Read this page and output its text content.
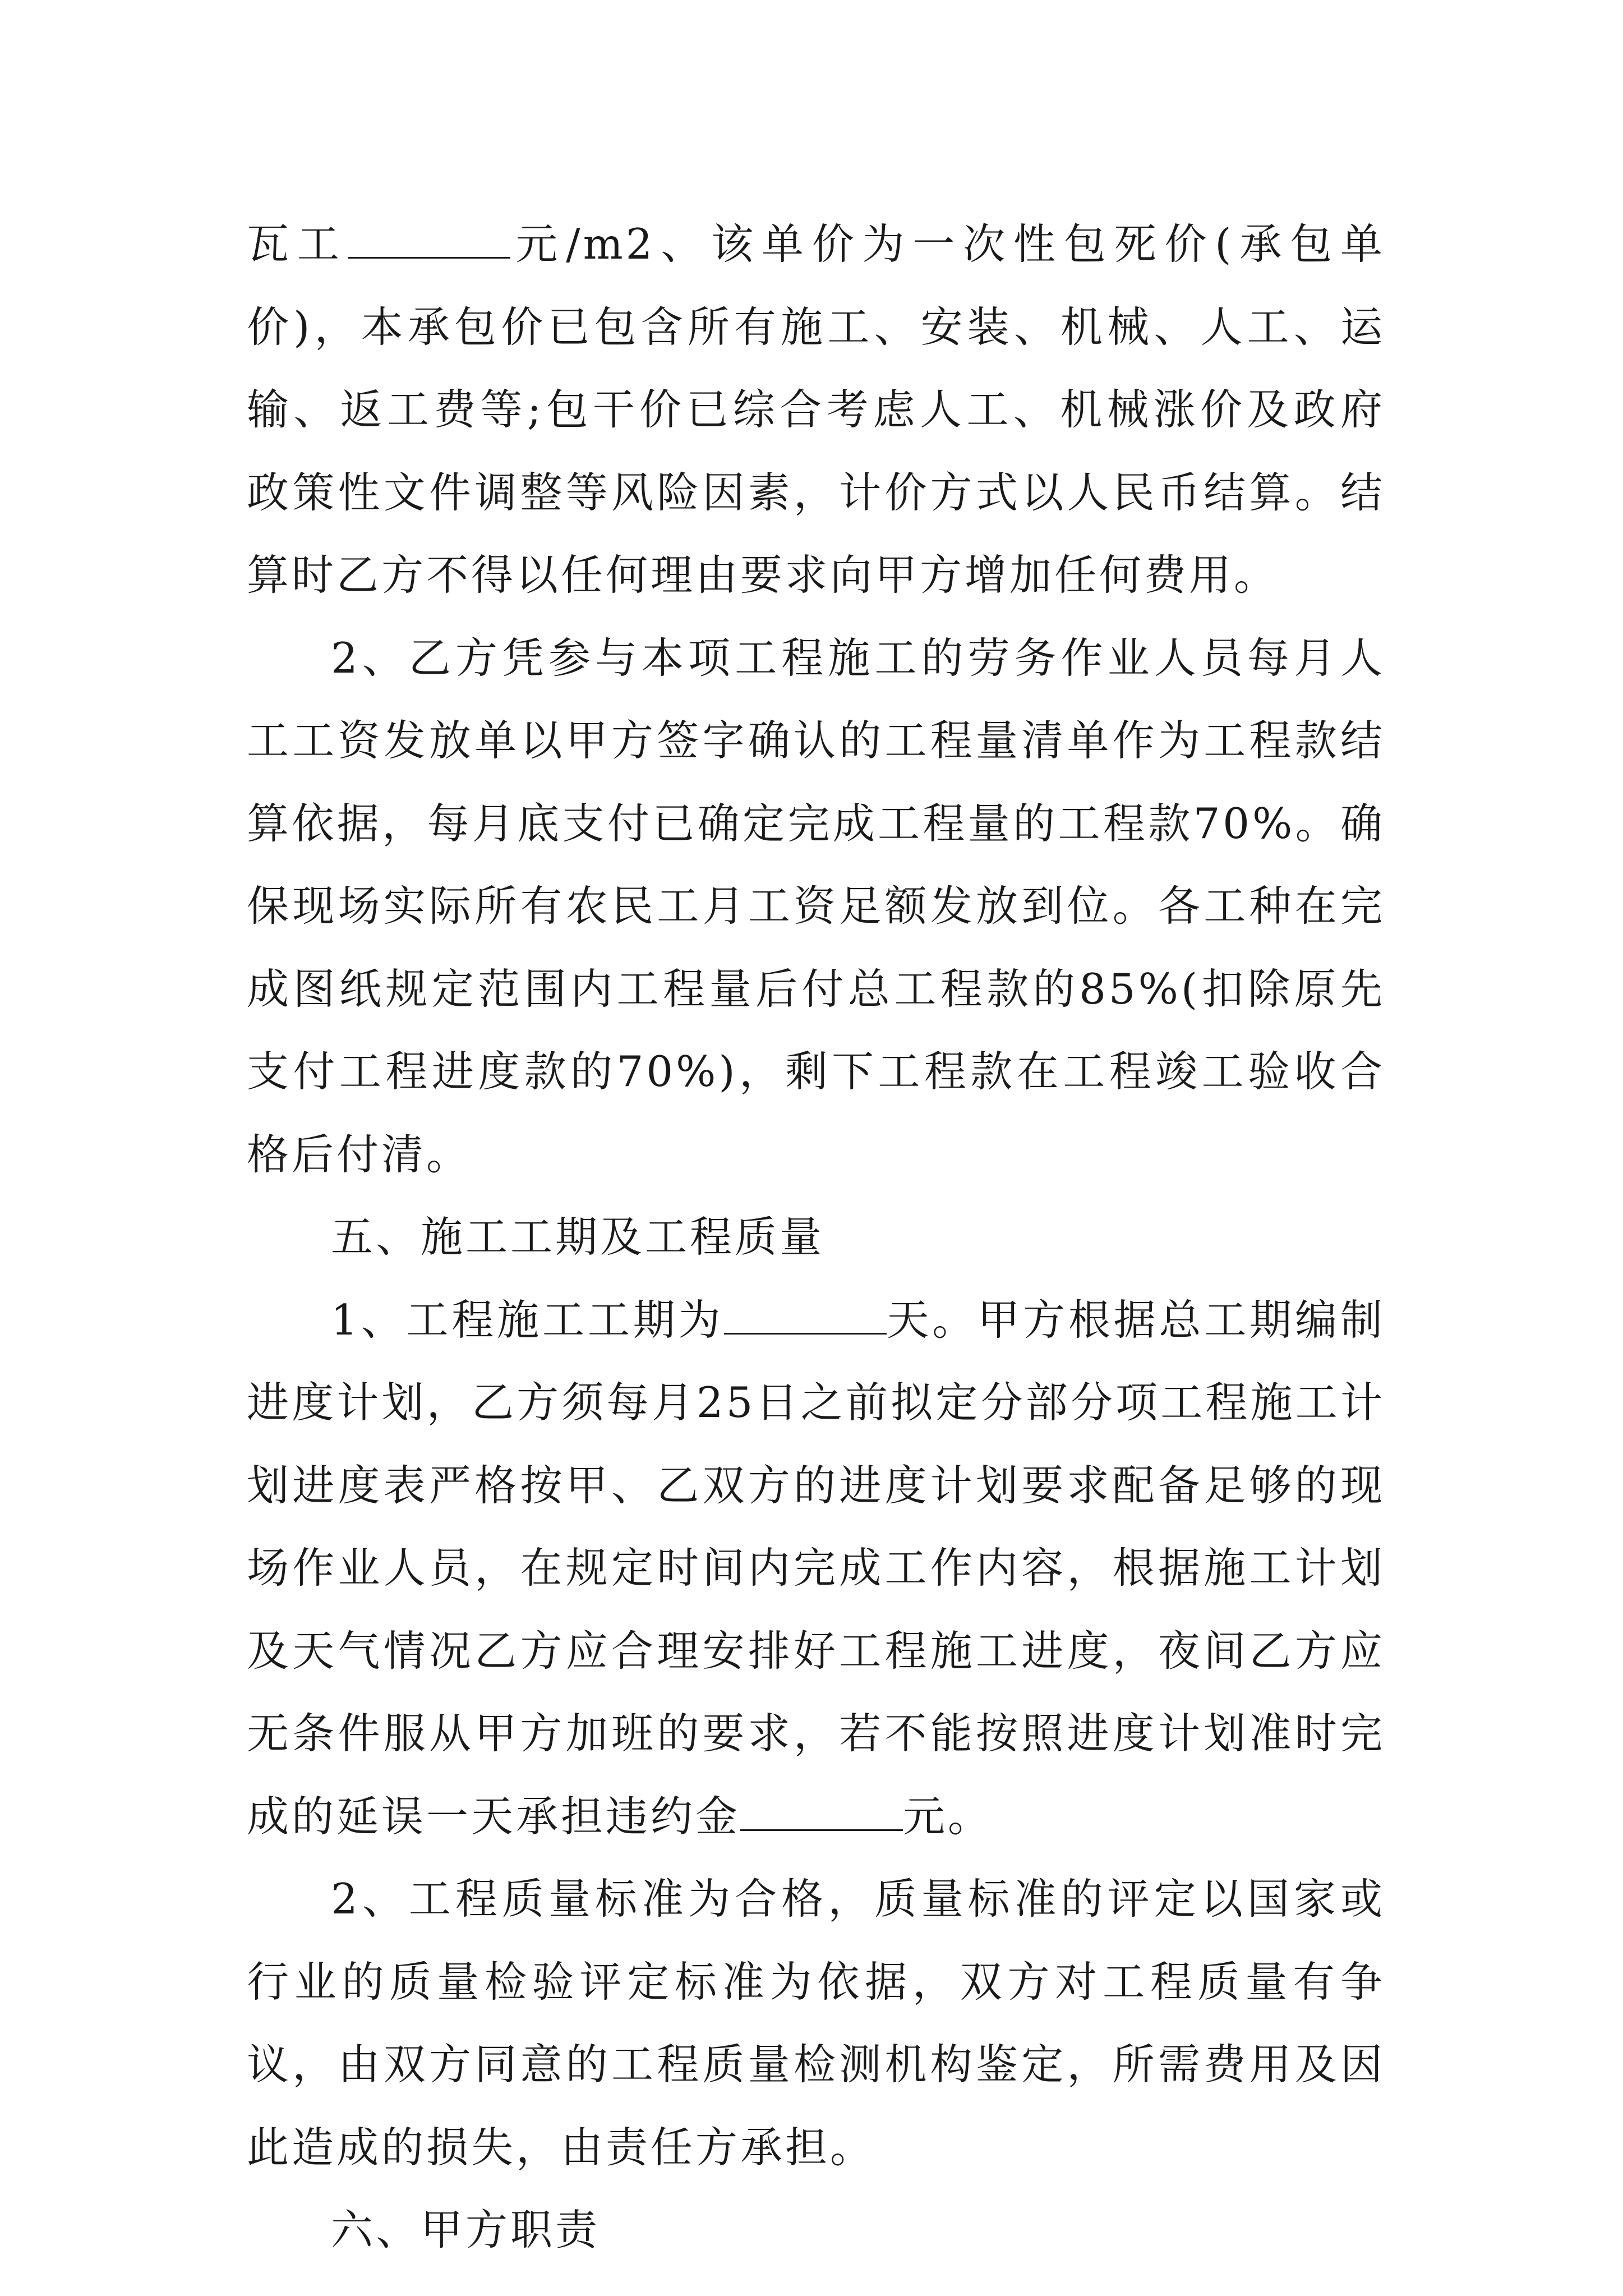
瓦工	元/m2、该单价为一次性包死价(承包单价)，本承包价已包含所有施工、安装、机械、人工、运输、返工费等;包干价已综合考虑人工、机械涨价及政府政策性文件调整等风险因素，计价方式以人民币结算。结算时乙方不得以任何理由要求向甲方增加任何费用。

2、乙方凭参与本项工程施工的劳务作业人员每月人工工资发放单以甲方签字确认的工程量清单作为工程款结算依据，每月底支付已确定完成工程量的工程款70%。确保现场实际所有农民工月工资足额发放到位。各工种在完成图纸规定范围内工程量后付总工程款的85%(扣除原先支付工程进度款的70%)，剩下工程款在工程竣工验收合格后付清。

五、施工工期及工程质量

1、工程施工工期为	天。甲方根据总工期编制进度计划，乙方须每月25日之前拟定分部分项工程施工计划进度表严格按甲、乙双方的进度计划要求配备足够的现场作业人员，在规定时间内完成工作内容，根据施工计划及天气情况乙方应合理安排好工程施工进度，夜间乙方应无条件服从甲方加班的要求，若不能按照进度计划准时完成的延误一天承担违约金	元。

2、工程质量标准为合格，质量标准的评定以国家或行业的质量检验评定标准为依据，双方对工程质量有争议，由双方同意的工程质量检测机构鉴定，所需费用及因此造成的损失，由责任方承担。

六、甲方职责
